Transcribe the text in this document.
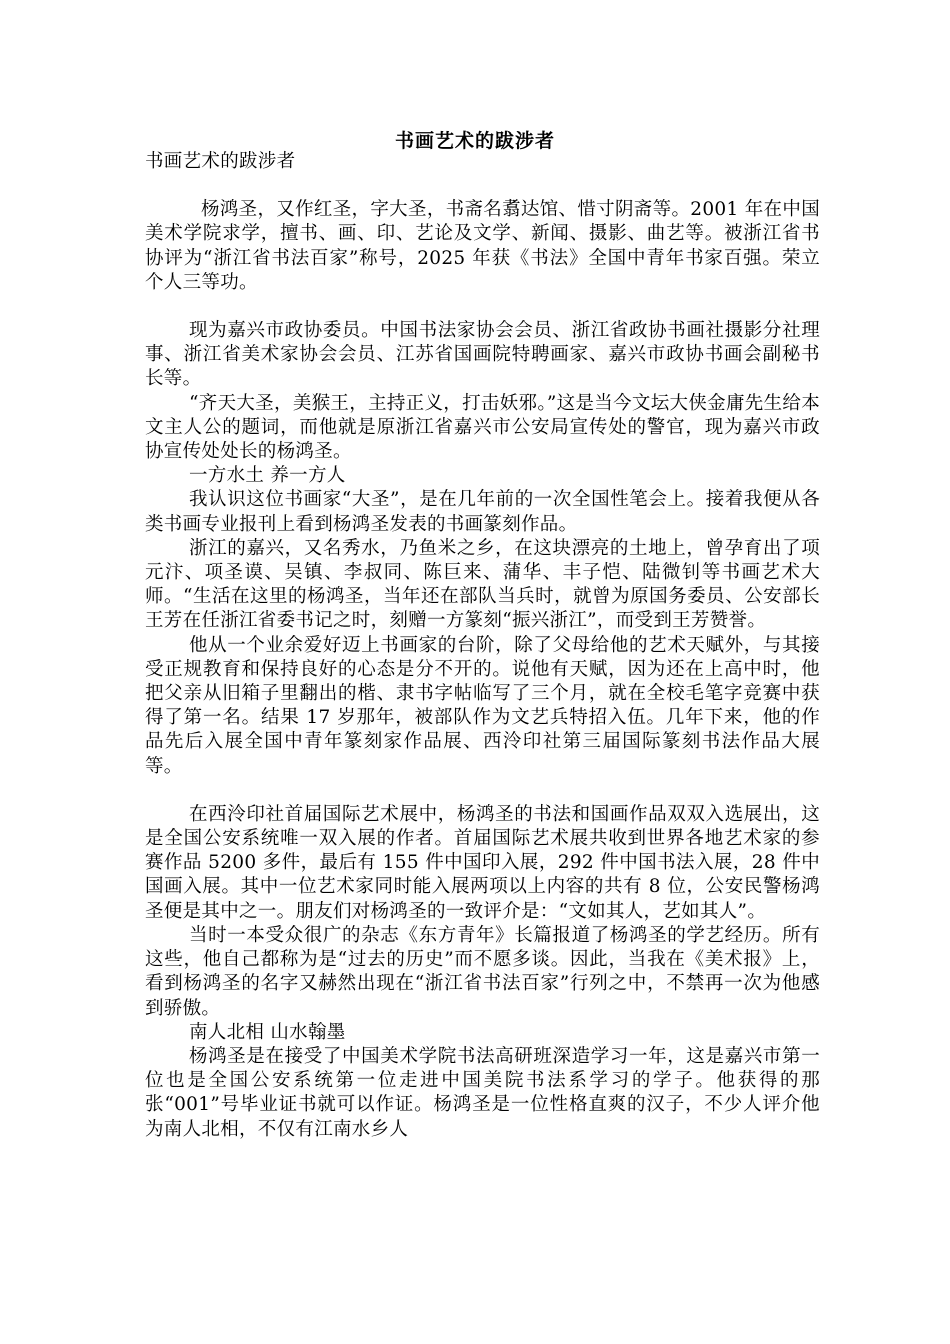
书画艺术的跋涉者

书画艺术的跋涉者

杨鸿圣，又作红圣，字大圣，书斋名翥达馆、惜寸阴斋等。2001 年在中国美术学院求学，擅书、画、印、艺论及文学、新闻、摄影、曲艺等。被浙江省书协评为“浙江省书法百家”称号，2025 年获《书法》全国中青年书家百强。荣立个人三等功。

现为嘉兴市政协委员。中国书法家协会会员、浙江省政协书画社摄影分社理事、浙江省美术家协会会员、江苏省国画院特聘画家、嘉兴市政协书画会副秘书长等。

“齐天大圣，美猴王，主持正义，打击妖邪。”这是当今文坛大侠金庸先生给本文主人公的题词，而他就是原浙江省嘉兴市公安局宣传处的警官，现为嘉兴市政协宣传处处长的杨鸿圣。

一方水土 养一方人

我认识这位书画家“大圣”，是在几年前的一次全国性笔会上。接着我便从各类书画专业报刊上看到杨鸿圣发表的书画篆刻作品。

浙江的嘉兴，又名秀水，乃鱼米之乡，在这块漂亮的土地上，曾孕育出了项元汴、项圣谟、吴镇、李叔同、陈巨来、蒲华、丰子恺、陆微钊等书画艺术大师。“生活在这里的杨鸿圣，当年还在部队当兵时，就曾为原国务委员、公安部长王芳在任浙江省委书记之时，刻赠一方篆刻“振兴浙江”，而受到王芳赞誉。

他从一个业余爱好迈上书画家的台阶，除了父母给他的艺术天赋外，与其接受正规教育和保持良好的心态是分不开的。说他有天赋，因为还在上高中时，他把父亲从旧箱子里翻出的楷、隶书字帖临写了三个月，就在全校毛笔字竞赛中获得了第一名。结果 17 岁那年，被部队作为文艺兵特招入伍。几年下来，他的作品先后入展全国中青年篆刻家作品展、西泠印社第三届国际篆刻书法作品大展等。

在西泠印社首届国际艺术展中，杨鸿圣的书法和国画作品双双入选展出，这是全国公安系统唯一双入展的作者。首届国际艺术展共收到世界各地艺术家的参赛作品 5200 多件，最后有 155 件中国印入展，292 件中国书法入展，28 件中国画入展。其中一位艺术家同时能入展两项以上内容的共有 8 位，公安民警杨鸿圣便是其中之一。朋友们对杨鸿圣的一致评介是：“文如其人，艺如其人”。

当时一本受众很广的杂志《东方青年》长篇报道了杨鸿圣的学艺经历。所有这些，他自己都称为是“过去的历史”而不愿多谈。因此，当我在《美术报》上，看到杨鸿圣的名字又赫然出现在“浙江省书法百家”行列之中，不禁再一次为他感到骄傲。

南人北相 山水翰墨

杨鸿圣是在接受了中国美术学院书法高研班深造学习一年，这是嘉兴市第一位也是全国公安系统第一位走进中国美院书法系学习的学子。他获得的那张“001”号毕业证书就可以作证。杨鸿圣是一位性格直爽的汉子，不少人评介他为南人北相，不仅有江南水乡人
